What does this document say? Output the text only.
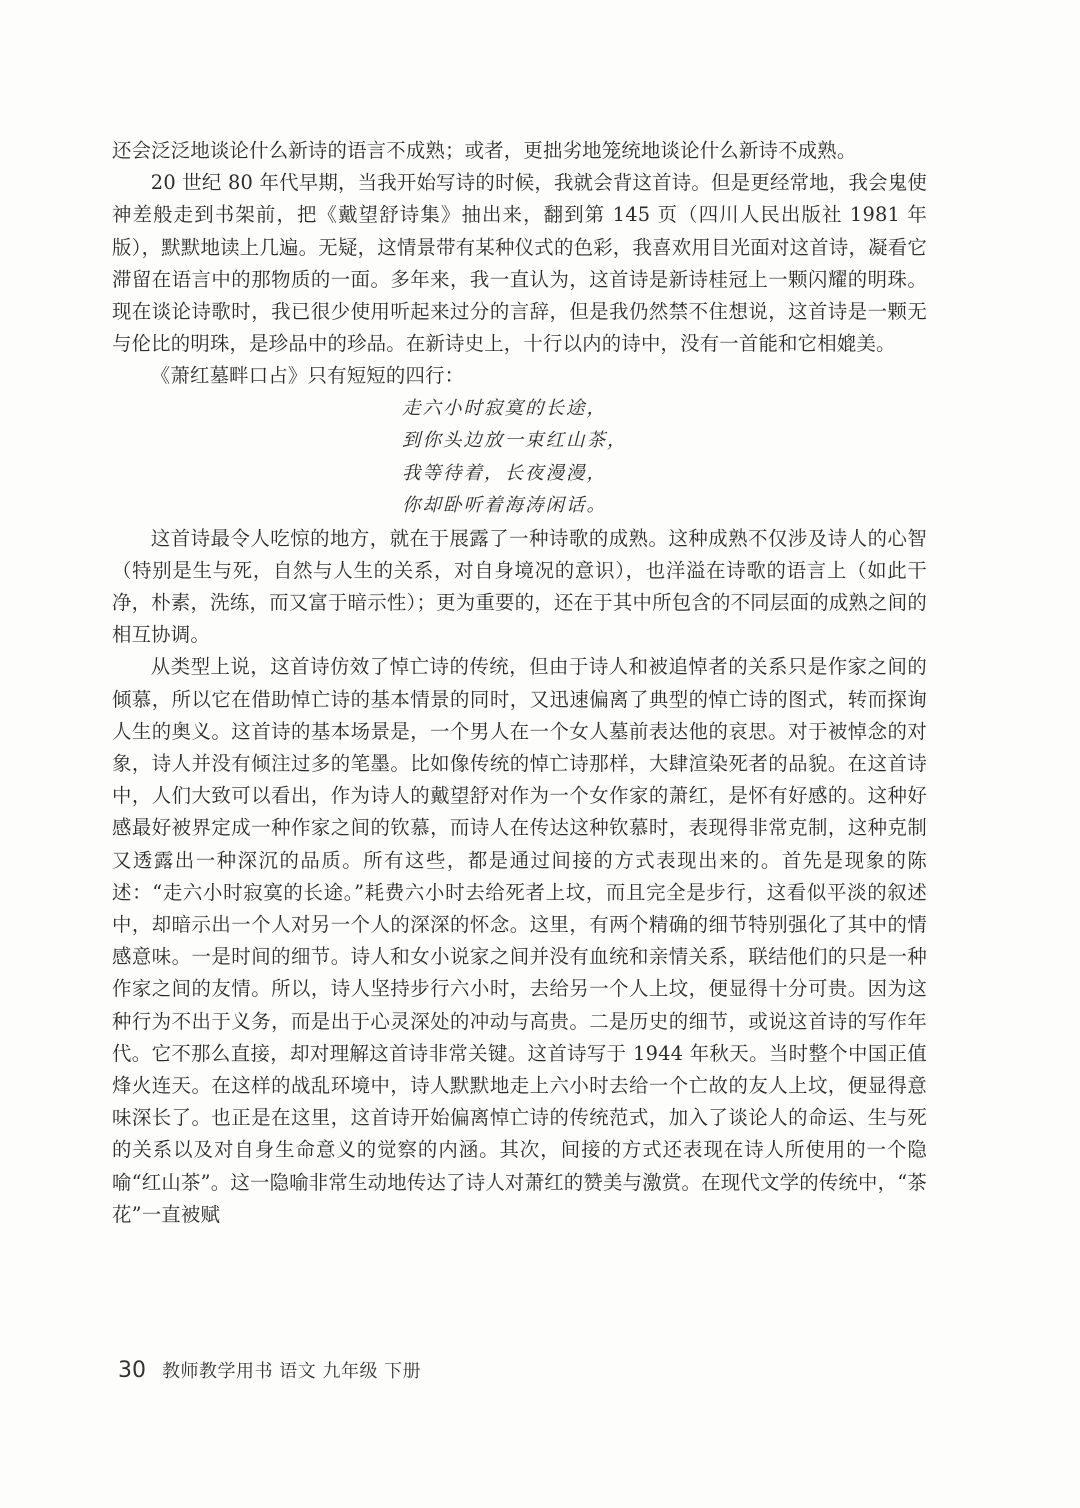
还会泛泛地谈论什么新诗的语言不成熟；或者，更拙劣地笼统地谈论什么新诗不成熟。

20 世纪 80 年代早期，当我开始写诗的时候，我就会背这首诗。但是更经常地，我会鬼使神差般走到书架前，把《戴望舒诗集》抽出来，翻到第 145 页（四川人民出版社 1981 年版），默默地读上几遍。无疑，这情景带有某种仪式的色彩，我喜欢用目光面对这首诗，凝看它滞留在语言中的那物质的一面。多年来，我一直认为，这首诗是新诗桂冠上一颗闪耀的明珠。现在谈论诗歌时，我已很少使用听起来过分的言辞，但是我仍然禁不住想说，这首诗是一颗无与伦比的明珠，是珍品中的珍品。在新诗史上，十行以内的诗中，没有一首能和它相媲美。

《萧红墓畔口占》只有短短的四行：

走六小时寂寞的长途，
到你头边放一束红山茶，
我等待着，长夜漫漫，
你却卧听着海涛闲话。

这首诗最令人吃惊的地方，就在于展露了一种诗歌的成熟。这种成熟不仅涉及诗人的心智（特别是生与死，自然与人生的关系，对自身境况的意识），也洋溢在诗歌的语言上（如此干净，朴素，洗练，而又富于暗示性）；更为重要的，还在于其中所包含的不同层面的成熟之间的相互协调。

从类型上说，这首诗仿效了悼亡诗的传统，但由于诗人和被追悼者的关系只是作家之间的倾慕，所以它在借助悼亡诗的基本情景的同时，又迅速偏离了典型的悼亡诗的图式，转而探询人生的奥义。这首诗的基本场景是，一个男人在一个女人墓前表达他的哀思。对于被悼念的对象，诗人并没有倾注过多的笔墨。比如像传统的悼亡诗那样，大肆渲染死者的品貌。在这首诗中，人们大致可以看出，作为诗人的戴望舒对作为一个女作家的萧红，是怀有好感的。这种好感最好被界定成一种作家之间的钦慕，而诗人在传达这种钦慕时，表现得非常克制，这种克制又透露出一种深沉的品质。所有这些，都是通过间接的方式表现出来的。首先是现象的陈述：“走六小时寂寞的长途。”耗费六小时去给死者上坟，而且完全是步行，这看似平淡的叙述中，却暗示出一个人对另一个人的深深的怀念。这里，有两个精确的细节特别强化了其中的情感意味。一是时间的细节。诗人和女小说家之间并没有血统和亲情关系，联结他们的只是一种作家之间的友情。所以，诗人坚持步行六小时，去给另一个人上坟，便显得十分可贵。因为这种行为不出于义务，而是出于心灵深处的冲动与高贵。二是历史的细节，或说这首诗的写作年代。它不那么直接，却对理解这首诗非常关键。这首诗写于 1944 年秋天。当时整个中国正值烽火连天。在这样的战乱环境中，诗人默默地走上六小时去给一个亡故的友人上坟，便显得意味深长了。也正是在这里，这首诗开始偏离悼亡诗的传统范式，加入了谈论人的命运、生与死的关系以及对自身生命意义的觉察的内涵。其次，间接的方式还表现在诗人所使用的一个隐喻“红山茶”。这一隐喻非常生动地传达了诗人对萧红的赞美与激赏。在现代文学的传统中，“茶花”一直被赋

30 教师教学用书 语文 九年级 下册
